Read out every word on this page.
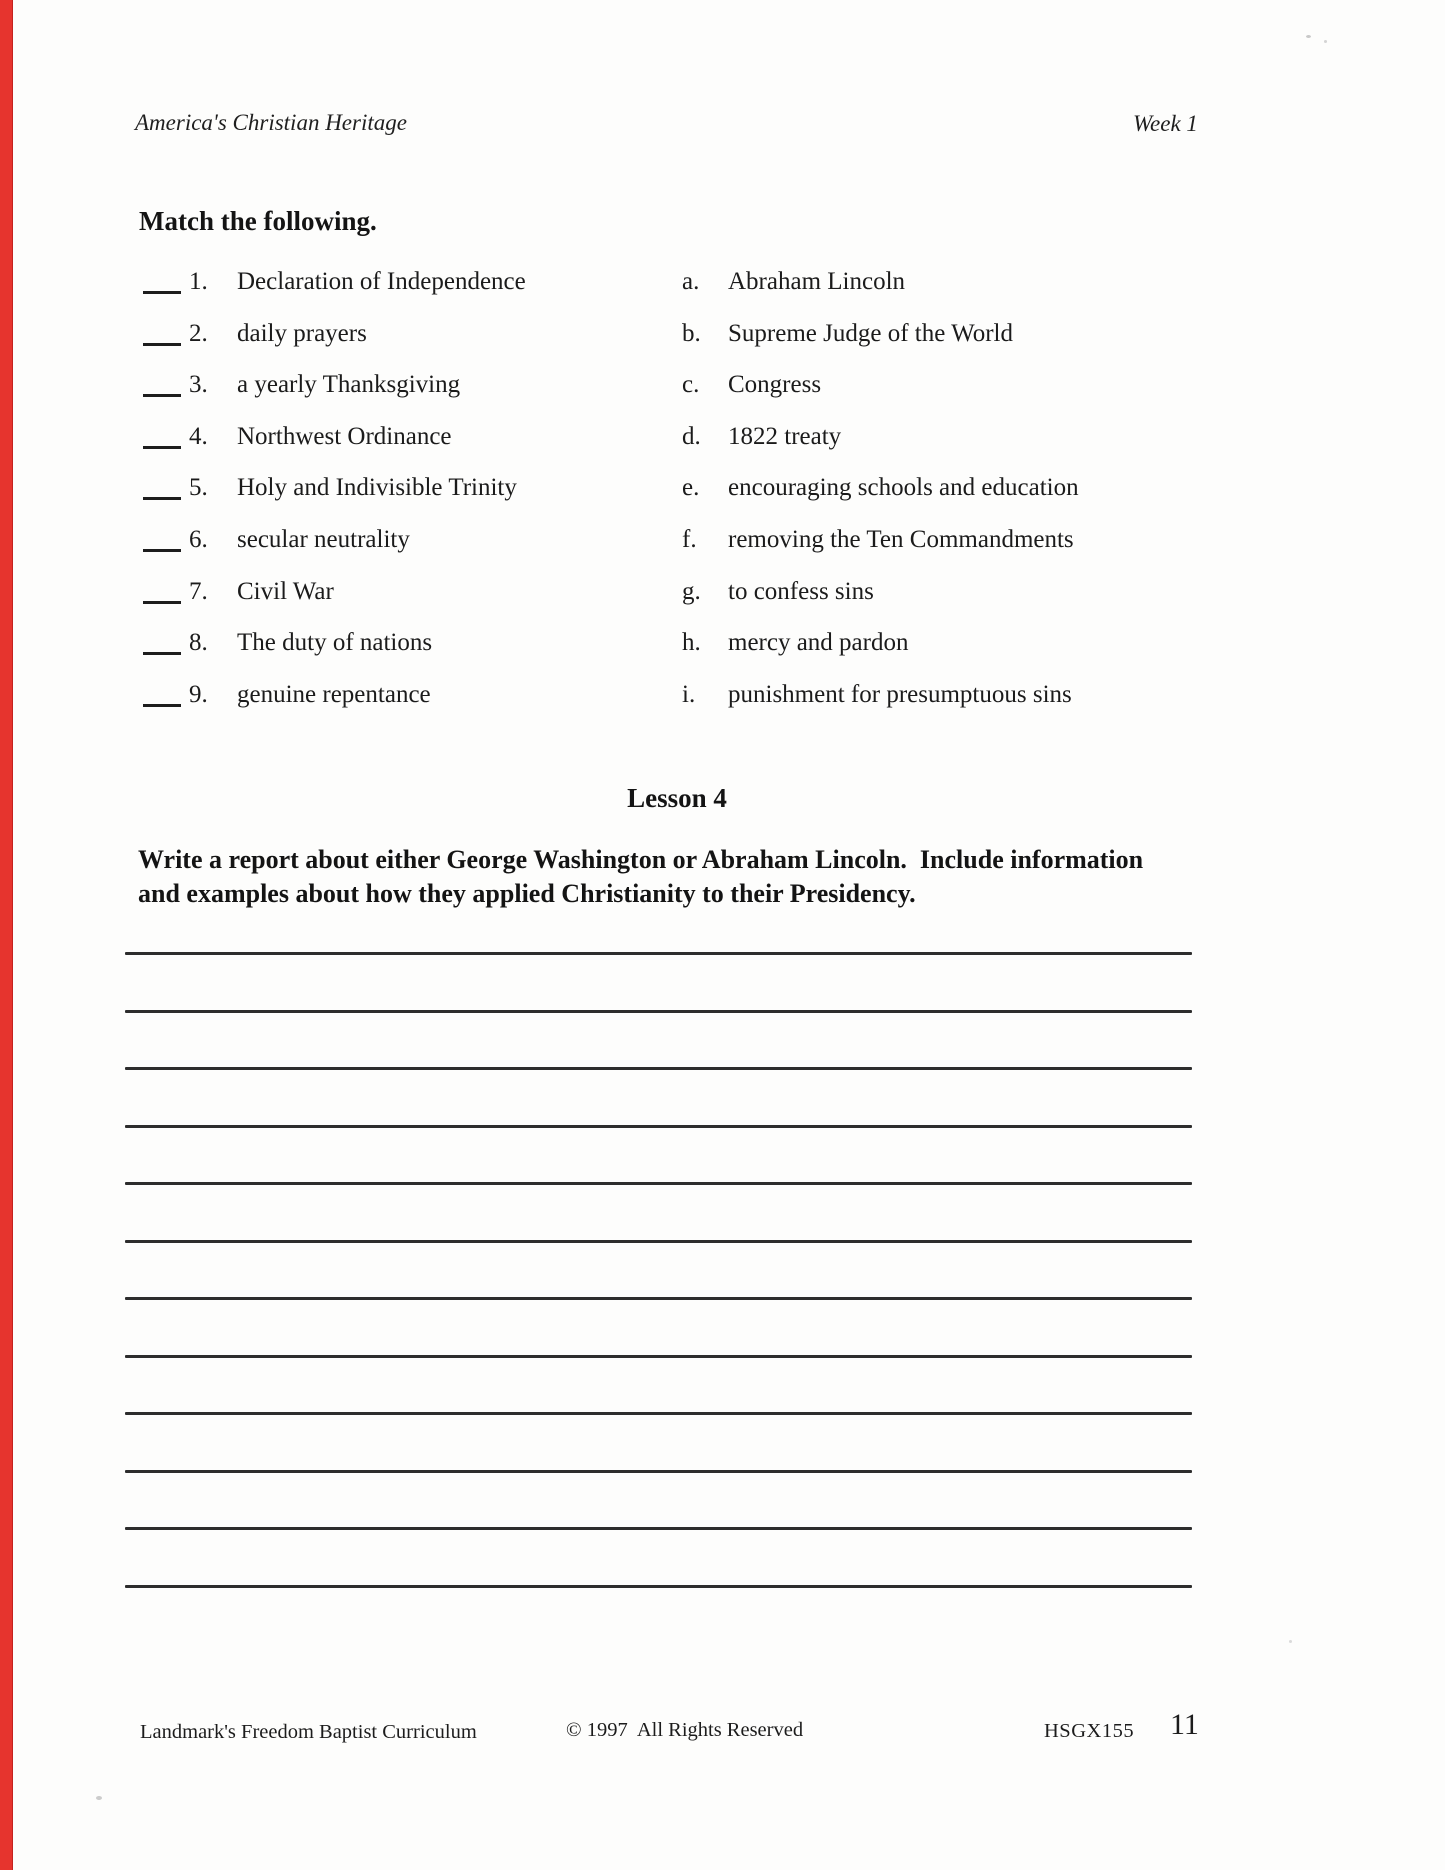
America's Christian Heritage	Week 1
Match the following.
1. Declaration of Independence	a. Abraham Lincoln
2. daily prayers	b. Supreme Judge of the World
3. a yearly Thanksgiving	c. Congress
4. Northwest Ordinance	d. 1822 treaty
5. Holy and Indivisible Trinity	e. encouraging schools and education
6. secular neutrality	f. removing the Ten Commandments
7. Civil War	g. to confess sins
8. The duty of nations	h. mercy and pardon
9. genuine repentance	i. punishment for presumptuous sins
Lesson 4
Write a report about either George Washington or Abraham Lincoln.  Include information
and examples about how they applied Christianity to their Presidency.
Landmark's Freedom Baptist Curriculum	© 1997  All Rights Reserved	HSGX155 11
